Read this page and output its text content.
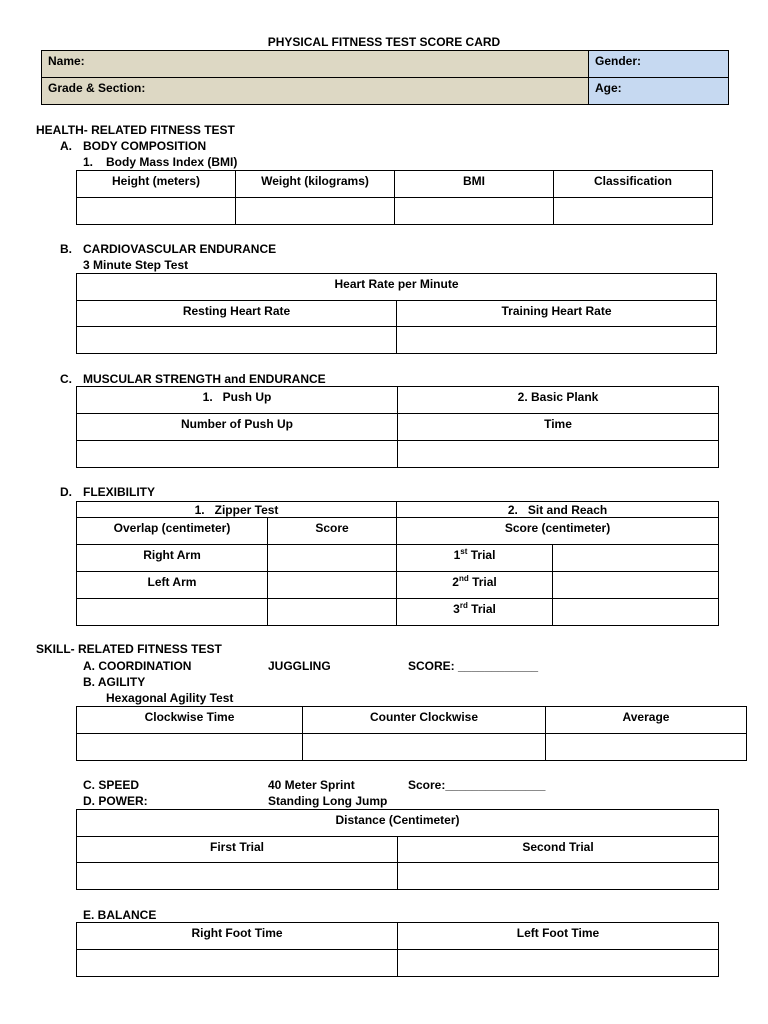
PHYSICAL FITNESS TEST SCORE CARD
Name:	Gender:
Grade & Section:	Age:
HEALTH- RELATED FITNESS TEST
A. BODY COMPOSITION
1. Body Mass Index (BMI)
Height (meters)	Weight (kilograms)	BMI	Classification

B. CARDIOVASCULAR ENDURANCE
3 Minute Step Test
Heart Rate per Minute	
Resting Heart Rate	Training Heart Rate

C. MUSCULAR STRENGTH and ENDURANCE
1. Push Up	2. Basic Plank
Number of Push Up	Time

D. FLEXIBILITY
1. Zipper Test		2. Sit and Reach	
Overlap (centimeter)	Score	Score (centimeter)	
Right Arm		1st Trial	
Left Arm		2nd Trial	
		3rd Trial	
SKILL- RELATED FITNESS TEST
A. COORDINATION	JUGGLING	SCORE: ____________
B. AGILITY
Hexagonal Agility Test
Clockwise Time	Counter Clockwise	Average

C. SPEED	40 Meter Sprint	Score:_______________
D. POWER:	Standing Long Jump
Distance (Centimeter)	
First Trial	Second Trial

E. BALANCE
Right Foot Time	Left Foot Time
